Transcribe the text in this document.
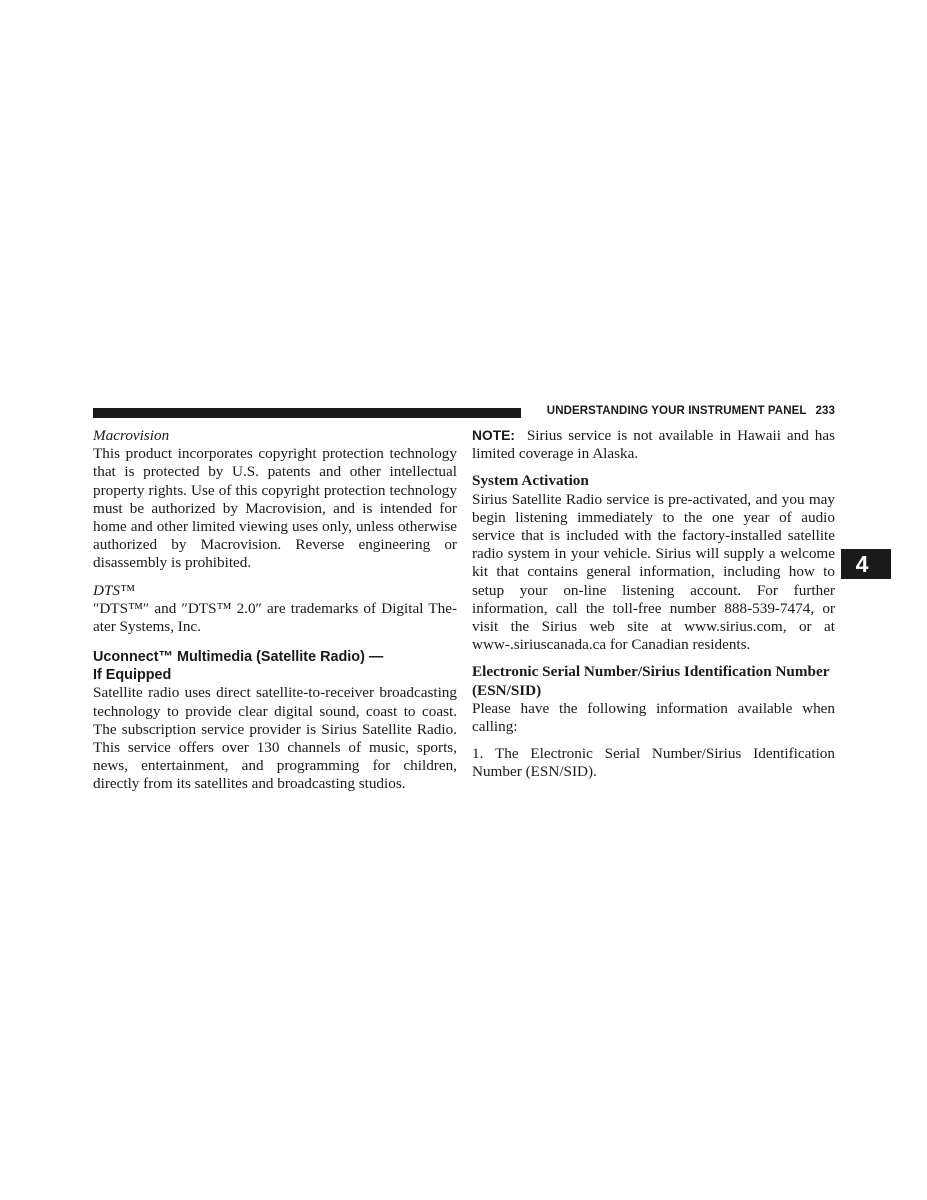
UNDERSTANDING YOUR INSTRUMENT PANEL 233
4

Macrovision

This product incorporates copyright protection technology that is protected by U.S. patents and other intellectual property rights. Use of this copyright protection technology must be authorized by Macrovision, and is intended for home and other limited viewing uses only, unless otherwise authorized by Macrovision. Reverse engineering or disassembly is prohibited.

DTS™

″DTS™″ and ″DTS™ 2.0″ are trademarks of Digital Theater Systems, Inc.

Uconnect™ Multimedia (Satellite Radio) —

If Equipped

Satellite radio uses direct satellite-to-receiver broadcasting technology to provide clear digital sound, coast to coast. The subscription service provider is Sirius Satellite Radio. This service offers over 130 channels of music, sports, news, entertainment, and programming for children, directly from its satellites and broadcasting studios.

NOTE: Sirius service is not available in Hawaii and has limited coverage in Alaska.

System Activation

Sirius Satellite Radio service is pre-activated, and you may begin listening immediately to the one year of audio service that is included with the factory-installed satellite radio system in your vehicle. Sirius will supply a welcome kit that contains general information, including how to setup your on-line listening account. For further information, call the toll-free number 888-539-7474, or visit the Sirius web site at www.sirius.com, or at www-.siriuscanada.ca for Canadian residents.

Electronic Serial Number/Sirius Identification Number (ESN/SID)

Please have the following information available when calling:

1. The Electronic Serial Number/Sirius Identification Number (ESN/SID).
